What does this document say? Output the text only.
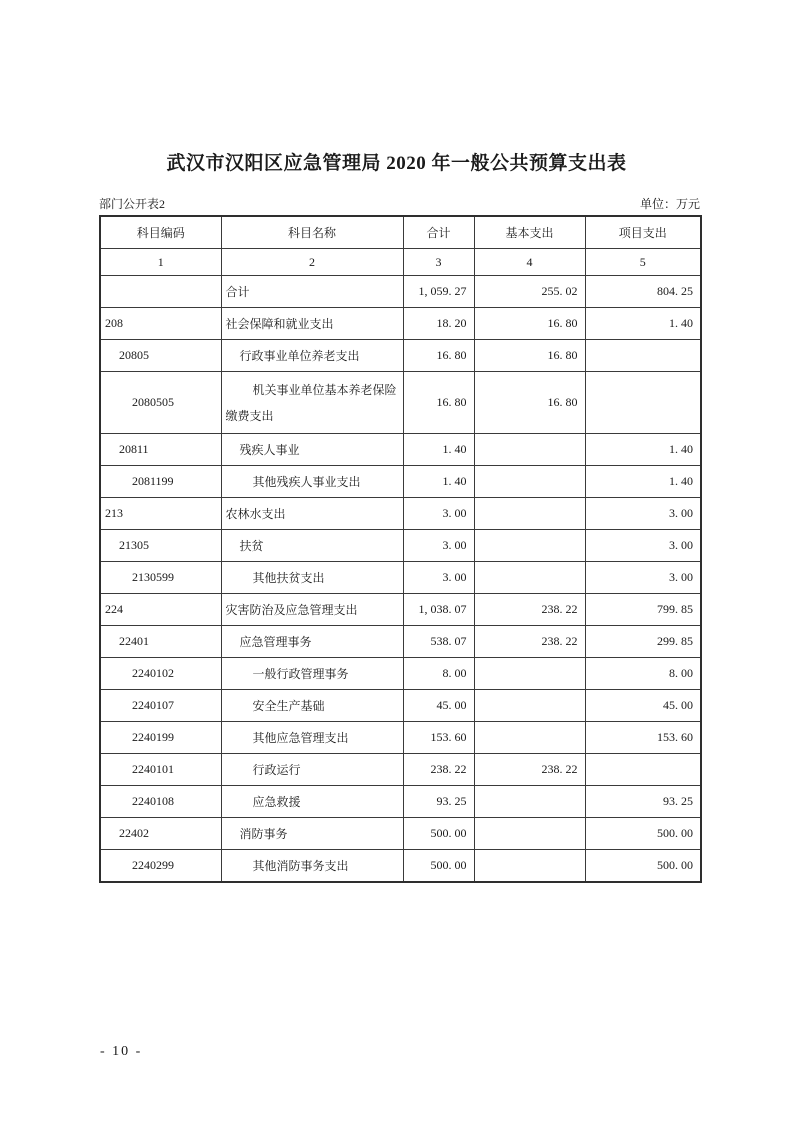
武汉市汉阳区应急管理局 2020 年一般公共预算支出表
部门公开表2	单位：万元
科目编码	科目名称	合计	基本支出	项目支出
1	2	3	4	5
	合计	1, 059. 27	255. 02	804. 25
208	社会保障和就业支出	18. 20	16. 80	1. 40
20805	行政事业单位养老支出	16. 80	16. 80	
2080505	机关事业单位基本养老保险缴费支出	16. 80	16. 80	
20811	残疾人事业	1. 40		1. 40
2081199	其他残疾人事业支出	1. 40		1. 40
213	农林水支出	3. 00		3. 00
21305	扶贫	3. 00		3. 00
2130599	其他扶贫支出	3. 00		3. 00
224	灾害防治及应急管理支出	1, 038. 07	238. 22	799. 85
22401	应急管理事务	538. 07	238. 22	299. 85
2240102	一般行政管理事务	8. 00		8. 00
2240107	安全生产基础	45. 00		45. 00
2240199	其他应急管理支出	153. 60		153. 60
2240101	行政运行	238. 22	238. 22	
2240108	应急救援	93. 25		93. 25
22402	消防事务	500. 00		500. 00
2240299	其他消防事务支出	500. 00		500. 00
- 10 -
